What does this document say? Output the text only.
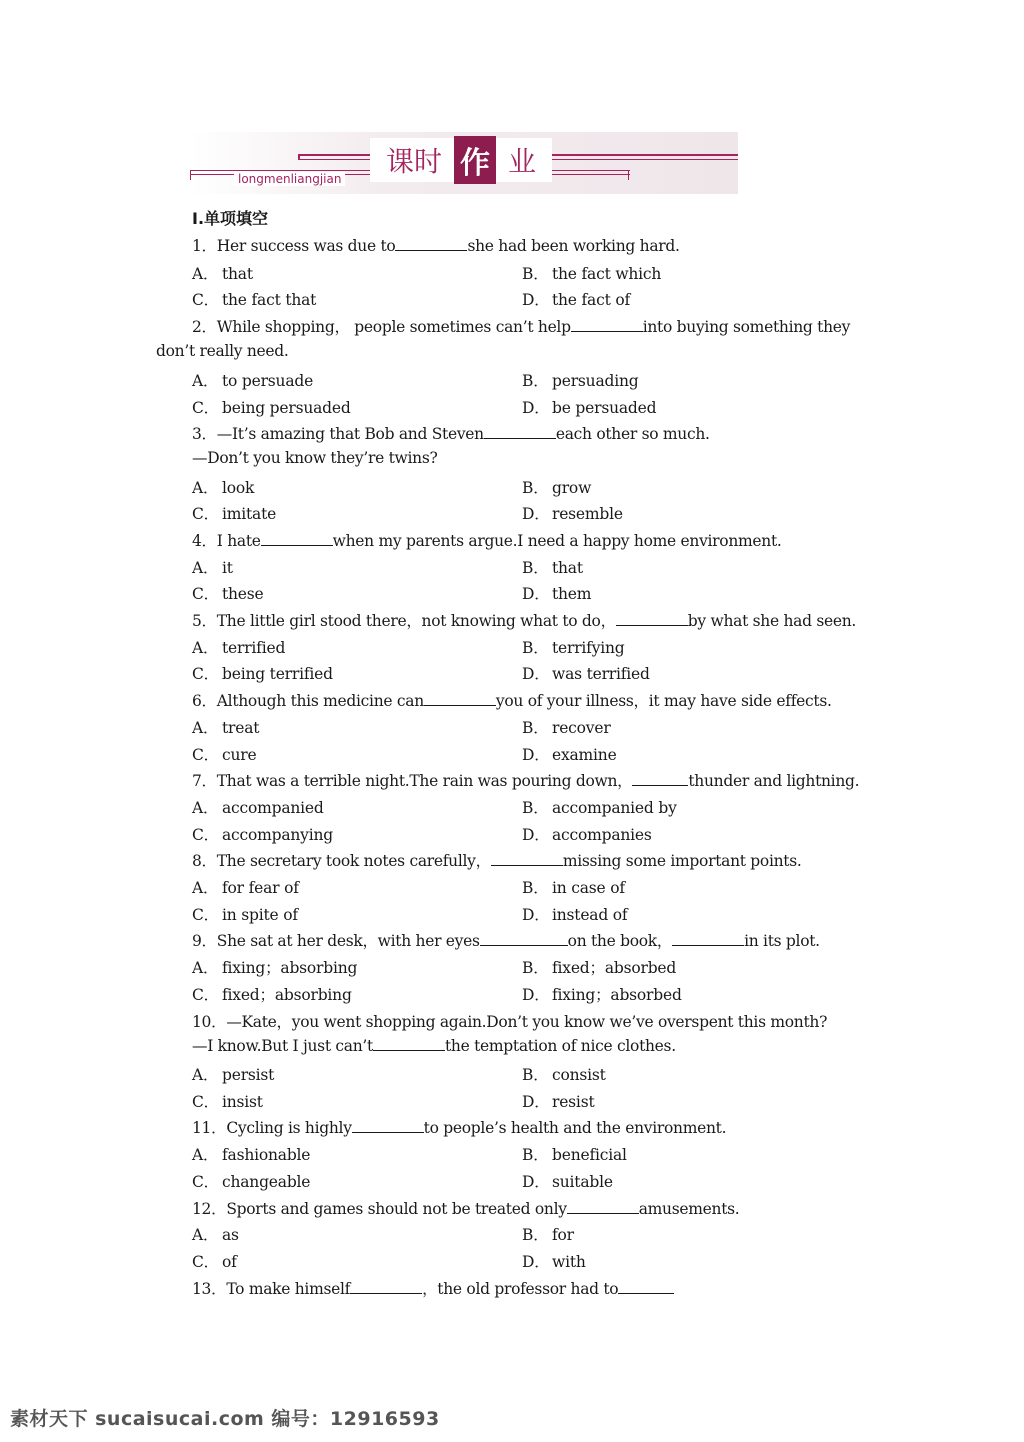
课时 作 业
longmenliangjian
Ⅰ.单项填空
1．Her success was due to	she had been working hard.
A． that	B． the fact which
C． the fact that	D． the fact of
2．While shopping， people sometimes can’t help	into buying something they
don’t really need.
A． to persuade	B． persuading
C． being persuaded	D． be persuaded
3．—It’s amazing that Bob and Steven	each other so much.
—Don’t you know they’re twins?
A． look	B． grow
C． imitate	D． resemble
4．I hate	when my parents argue.I need a happy home environment.
A． it	B． that
C． these	D． them
5．The little girl stood there，not knowing what to do，	by what she had seen.
A． terrified	B． terrifying
C． being terrified	D． was terrified
6．Although this medicine can	you of your illness，it may have side effects.
A． treat	B． recover
C． cure	D． examine
7．That was a terrible night.The rain was pouring down，	thunder and lightning.
A． accompanied	B． accompanied by
C． accompanying	D． accompanies
8．The secretary took notes carefully，	missing some important points.
A． for fear of	B． in case of
C． in spite of	D． instead of
9．She sat at her desk，with her eyes	on the book，	in its plot.
A． fixing；absorbing	B． fixed；absorbed
C． fixed；absorbing	D． fixing；absorbed
10．—Kate，you went shopping again.Don’t you know we’ve overspent this month?
—I know.But I just can’t	the temptation of nice clothes.
A． persist	B． consist
C． insist	D． resist
11．Cycling is highly	to people’s health and the environment.
A． fashionable	B． beneficial
C． changeable	D． suitable
12．Sports and games should not be treated only	amusements.
A． as	B． for
C． of	D． with
13．To make himself	，the old professor had to
素材天下 sucaisucai.com 编号：12916593
